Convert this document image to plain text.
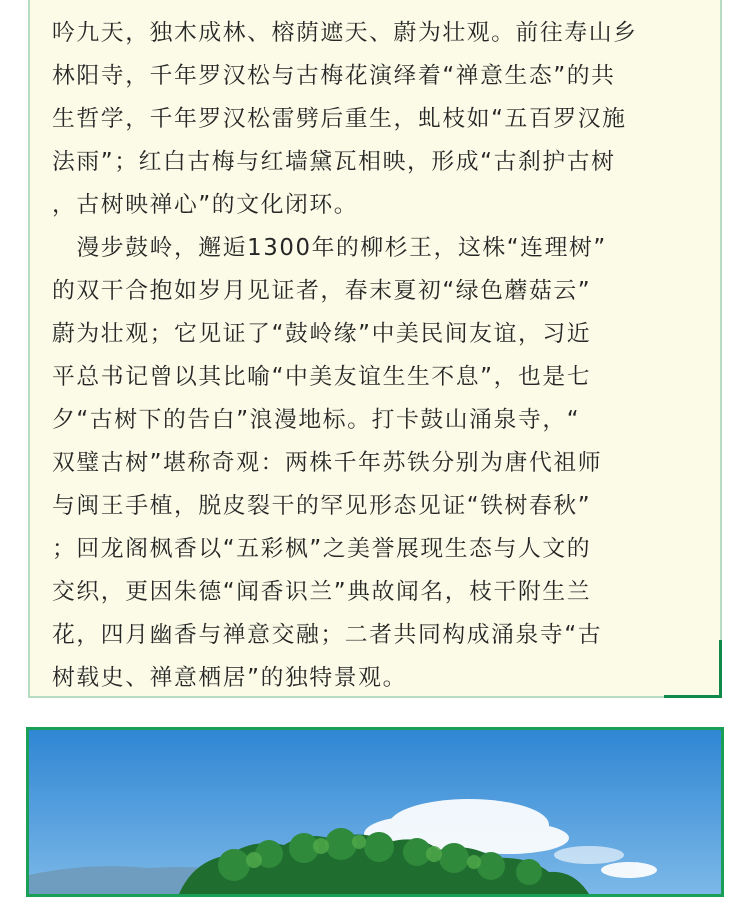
吟九天，独木成林、榕荫遮天、蔚为壮观。前往寿山乡
林阳寺，千年罗汉松与古梅花演绎着“禅意生态”的共
生哲学，千年罗汉松雷劈后重生，虬枝如“五百罗汉施
法雨”；红白古梅与红墙黛瓦相映，形成“古刹护古树
，古树映禅心”的文化闭环。
　漫步鼓岭，邂逅1300年的柳杉王，这株“连理树”
的双干合抱如岁月见证者，春末夏初“绿色蘑菇云”
蔚为壮观；它见证了“鼓岭缘”中美民间友谊，习近
平总书记曾以其比喻“中美友谊生生不息”，也是七
夕“古树下的告白”浪漫地标。打卡鼓山涌泉寺，“
双璧古树”堪称奇观：两株千年苏铁分别为唐代祖师
与闽王手植，脱皮裂干的罕见形态见证“铁树春秋”
；回龙阁枫香以“五彩枫”之美誉展现生态与人文的
交织，更因朱德“闻香识兰”典故闻名，枝干附生兰
花，四月幽香与禅意交融；二者共同构成涌泉寺“古
树载史、禅意栖居”的独特景观。
